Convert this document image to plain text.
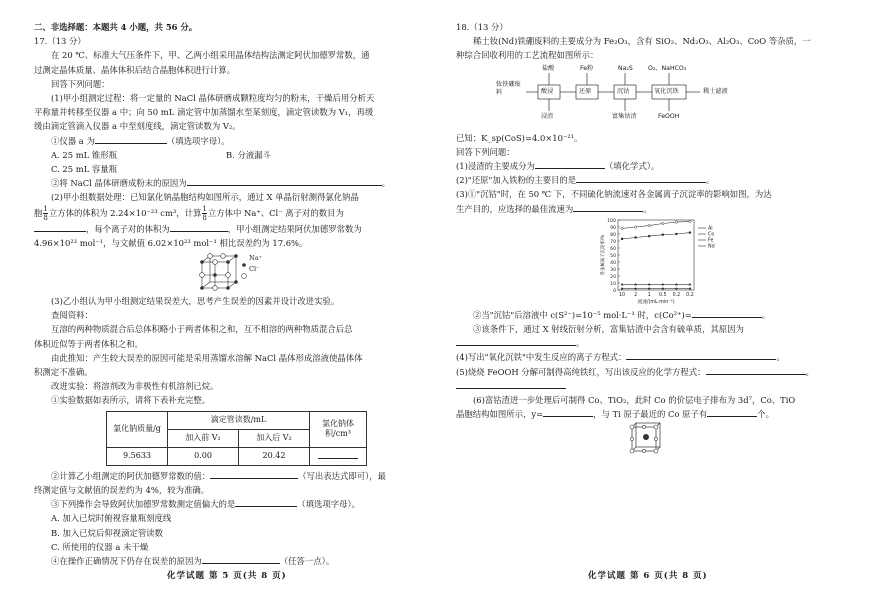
二、非选择题：本题共 4 小题，共 56 分。

17.（13 分）

在 20 ℃、标准大气压条件下，甲、乙两小组采用晶体结构法测定阿伏加德罗常数，通

过测定晶体质量、晶体体积后结合晶胞体积进行计算。

回答下列问题：

(1)甲小组测定过程：将一定量的 NaCl 晶体研磨成颗粒度均匀的粉末，干燥后用分析天

平称量并转移至仪器 a 中；向 50 mL 滴定管中加蒸馏水至某刻度，滴定管读数为 V₁，再缓

缓由滴定管滴入仪器 a 中至刻度线，滴定管读数为 V₂。

①仪器 a 为	（填选项字母）。

A. 25 mL 锥形瓶	B. 分液漏斗

C. 25 mL 容量瓶

②将 NaCl 晶体研磨成粉末的原因为	。

(2)甲小组数据处理：已知氯化钠晶胞结构如图所示，通过 X 单晶衍射测得氯化钠晶

胞 $\frac{1}{8}$ 立方体的体积为 2.24×10⁻²³ cm³，计算 $\frac{1}{8}$ 立方体中 Na⁺、Cl⁻ 离子对的数目为

，每个离子对的体积为	，甲小组测定结果阿伏加德罗常数为

4.96×10²³ mol⁻¹，与文献值 6.02×10²³ mol⁻¹ 相比误差约为 17.6%。

Na⁺
Cl⁻

(3)乙小组认为甲小组测定结果误差大，思考产生误差的因素并设计改进实验。

查阅资料：

互溶的两种物质混合后总体积略小于两者体积之和，互不相溶的两种物质混合后总

体积近似等于两者体积之和。

由此推知：产生较大误差的原因可能是采用蒸馏水溶解 NaCl 晶体形成溶液使晶体体

积测定不准确。

改进实验：将溶剂改为非极性有机溶剂已烷。

①实验数据如表所示，请将下表补充完整。

氯化钠质量/g	滴定管读数/mL		氯化钠体积/cm³
	加入前 V₁	加入后 V₂	
9.5633	0.00	20.42	

②计算乙小组测定的阿伏加德罗常数的值：	（写出表达式即可），最

终测定值与文献值的误差约为 4%，较为准确。

③下列操作会导致阿伏加德罗常数测定值偏大的是	（填选项字母）。

A. 加入已烷时俯视容量瓶刻度线

B. 加入已烷后仰视滴定管读数

C. 所使用的仪器 a 未干燥

④在操作正确情况下仍存在误差的原因为	（任答一点）。

化学试题 第 5 页(共 8 页)

18.（13 分）

稀土钕(Nd)铁硼废料的主要成分为 Fe₂O₃，含有 SiO₂、Nd₂O₃、Al₂O₃、CoO 等杂质，一

种综合回收利用的工艺流程如图所示：

钕铁硼废料
盐酸	Fe粉	Na₂S O₂、NaHCO₃
酸浸	还原	沉钴	氧化沉铁	稀土滤液
浸渣	富集钴渣	FeOOH

已知：K_sp(CoS)=4.0×10⁻²¹。

回答下列问题：

(1)浸渣的主要成分为	（填化学式）。

(2)"还原"加入铁粉的主要目的是	。

(3)①"沉钴"时，在 50 ℃ 下，不同硫化钠流速对各金属离子沉淀率的影响如图，为达

生产目的，应选择的最佳流速为	。

100
90
80
70
60
50
40
30
20
10
0
10 2 1 0.5 0.2 0.2
流速/(mL·min⁻¹)
各金属离子沉淀率/%
Al
Co
Fe
Nd

②当"沉钴"后溶液中 c(S²⁻)=10⁻⁵ mol·L⁻¹ 时，c(Co²⁺)=	。

③该条件下，通过 X 射线衍射分析，富集钴渣中会含有硫单质，其原因为

。

(4)写出"氧化沉铁"中发生反应的离子方程式：	。

(5)烧烧 FeOOH 分解可制得高纯铁红，写出该反应的化学方程式：	。

(6)富钴渣进一步处理后可制得 Co、TiO₂，此时 Co 的价层电子排布为 3d⁷，Co、TiO

晶胞结构如图所示，y=	，与 Ti 原子最近的 Co 原子有	个。

化学试题 第 6 页(共 8 页)
